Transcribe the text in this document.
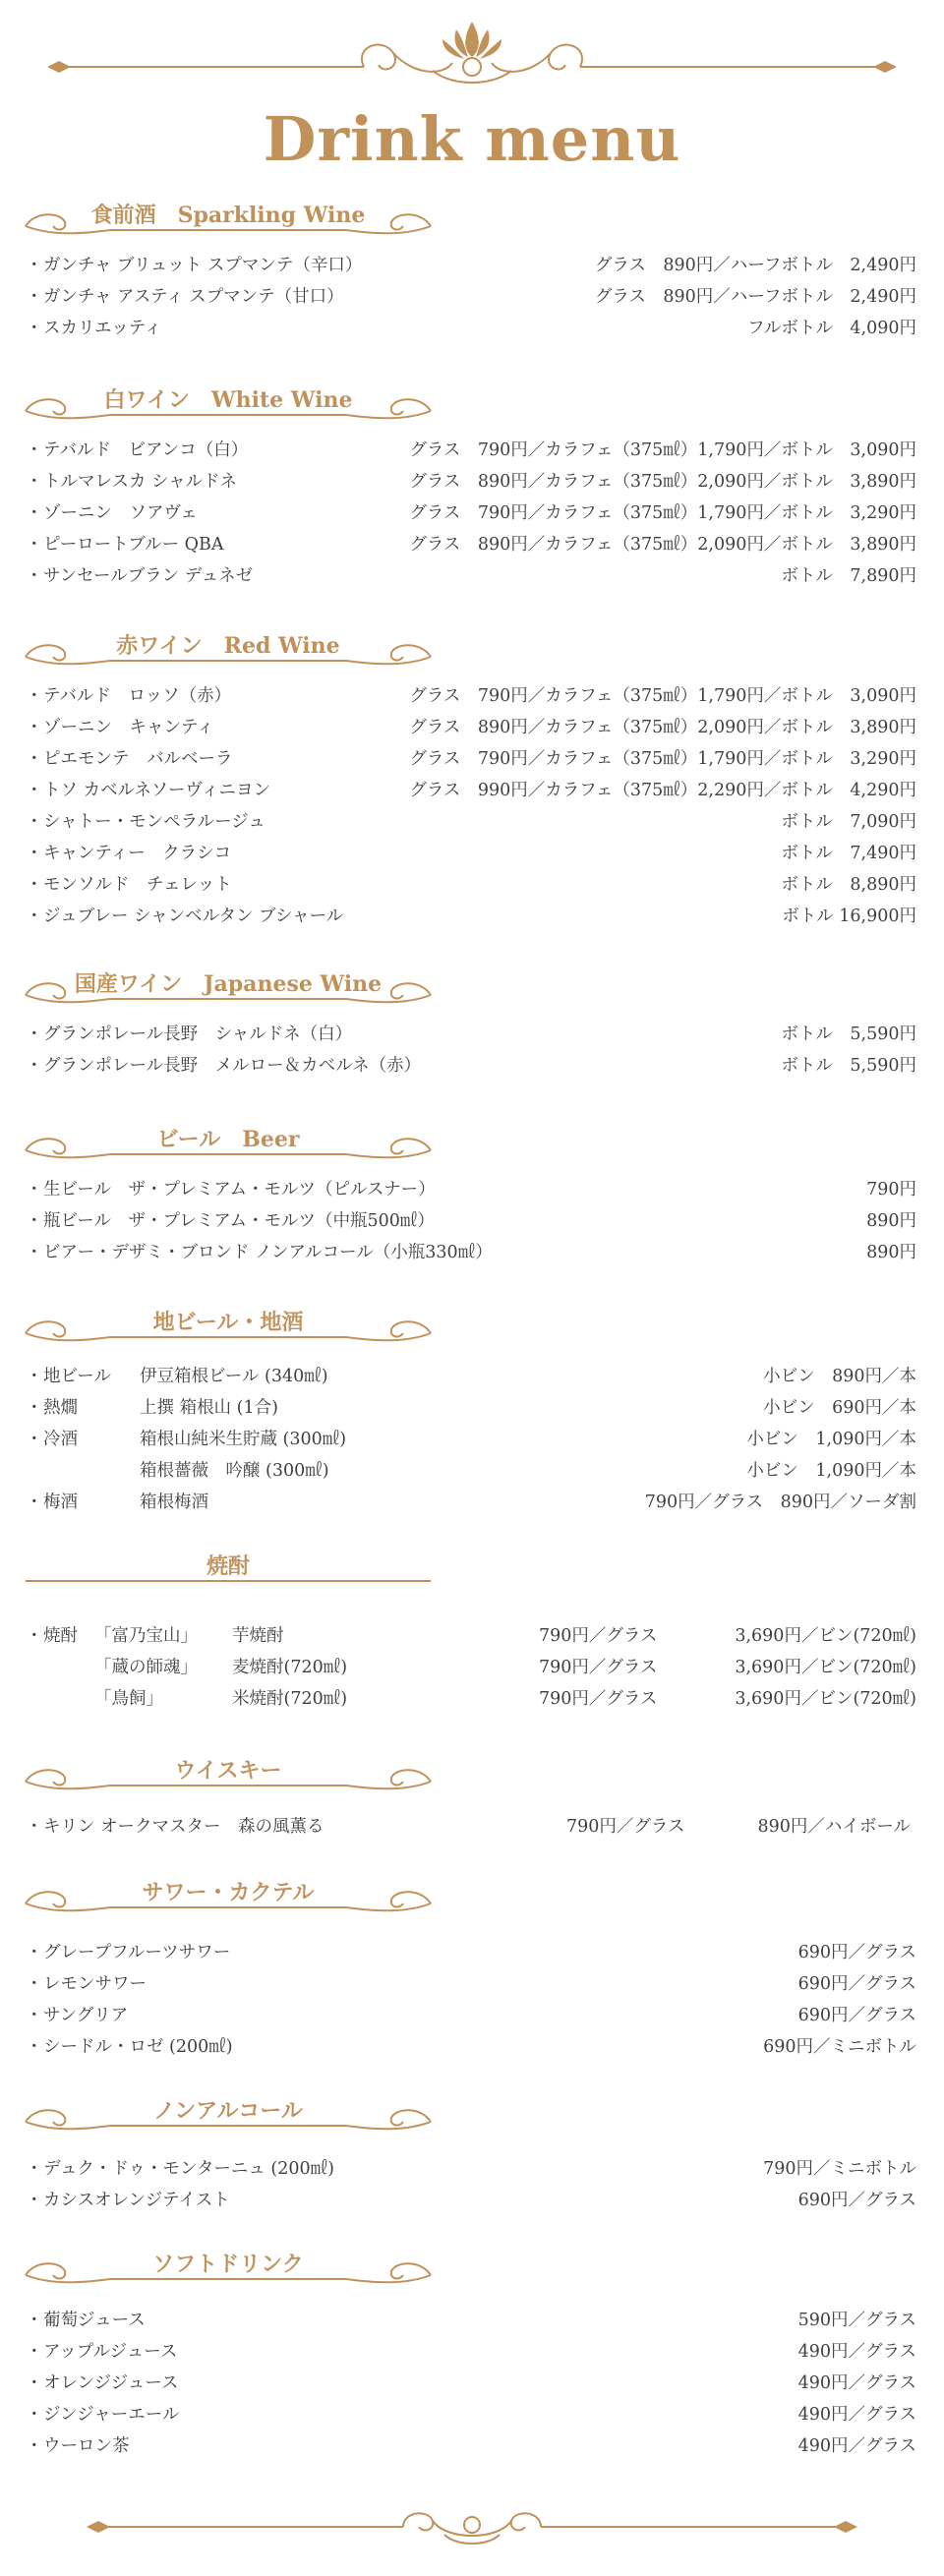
Drink menu
食前酒　Sparkling Wine
・ ガンチャ ブリュット スプマンテ（辛口）	グラス　890円／ハーフボトル　2,490円
・ ガンチャ アスティ スプマンテ（甘口）	グラス　890円／ハーフボトル　2,490円
・ スカリエッティ	フルボトル　4,090円
白ワイン　White Wine
・ テバルド　ビアンコ（白）	グラス　790円／カラフェ（375㎖）1,790円／ボトル　3,090円
・ トルマレスカ シャルドネ	グラス　890円／カラフェ（375㎖）2,090円／ボトル　3,890円
・ ゾーニン　ソアヴェ	グラス　790円／カラフェ（375㎖）1,790円／ボトル　3,290円
・ ピーロートブルー QBA	グラス　890円／カラフェ（375㎖）2,090円／ボトル　3,890円
・ サンセールブラン デュネゼ	ボトル　7,890円
赤ワイン　Red Wine
・ テバルド　ロッソ（赤）	グラス　790円／カラフェ（375㎖）1,790円／ボトル　3,090円
・ ゾーニン　キャンティ	グラス　890円／カラフェ（375㎖）2,090円／ボトル　3,890円
・ ピエモンテ　バルベーラ	グラス　790円／カラフェ（375㎖）1,790円／ボトル　3,290円
・ トソ カベルネソーヴィニヨン	グラス　990円／カラフェ（375㎖）2,290円／ボトル　4,290円
・ シャトー・モンペラルージュ	ボトル　7,090円
・ キャンティー　クラシコ	ボトル　7,490円
・ モンソルド　チェレット	ボトル　8,890円
・ ジュブレー シャンベルタン ブシャール	ボトル 16,900円
国産ワイン　Japanese Wine
・ グランポレール長野　シャルドネ（白）	ボトル　5,590円
・ グランポレール長野　メルロー＆カベルネ（赤）	ボトル　5,590円
ビール　Beer
・ 生ビール　ザ・プレミアム・モルツ（ピルスナー）	790円
・ 瓶ビール　ザ・プレミアム・モルツ（中瓶500㎖）	890円
・ ビアー・デザミ・ブロンド ノンアルコール（小瓶330㎖）	890円
地ビール・地酒
・ 地ビール 伊豆箱根ビール (340㎖)	小ビン　890円／本
・ 熱燗	上撰 箱根山 (1合)	小ビン　690円／本
・ 冷酒	箱根山純米生貯蔵 (300㎖)	小ビン　1,090円／本
箱根薔薇　吟醸 (300㎖)	小ビン　1,090円／本
・ 梅酒	箱根梅酒	790円／グラス　890円／ソーダ割
焼酎
・ 焼酎 「富乃宝山」 芋焼酎	790円／グラス	3,690円／ビン(720㎖)
「蔵の師魂」 麦焼酎(720㎖)	790円／グラス	3,690円／ビン(720㎖)
「鳥飼」	米焼酎(720㎖)	790円／グラス	3,690円／ビン(720㎖)
ウイスキー
・ キリン オークマスター　森の風薫る	790円／グラス	890円／ハイボール
サワー・カクテル
・ グレープフルーツサワー	690円／グラス
・ レモンサワー	690円／グラス
・ サングリア	690円／グラス
・ シードル・ロゼ (200㎖)	690円／ミニボトル
ノンアルコール
・ デュク・ドゥ・モンターニュ (200㎖)	790円／ミニボトル
・ カシスオレンジテイスト	690円／グラス
ソフトドリンク
・ 葡萄ジュース	590円／グラス
・ アップルジュース	490円／グラス
・ オレンジジュース	490円／グラス
・ ジンジャーエール	490円／グラス
・ ウーロン茶	490円／グラス
